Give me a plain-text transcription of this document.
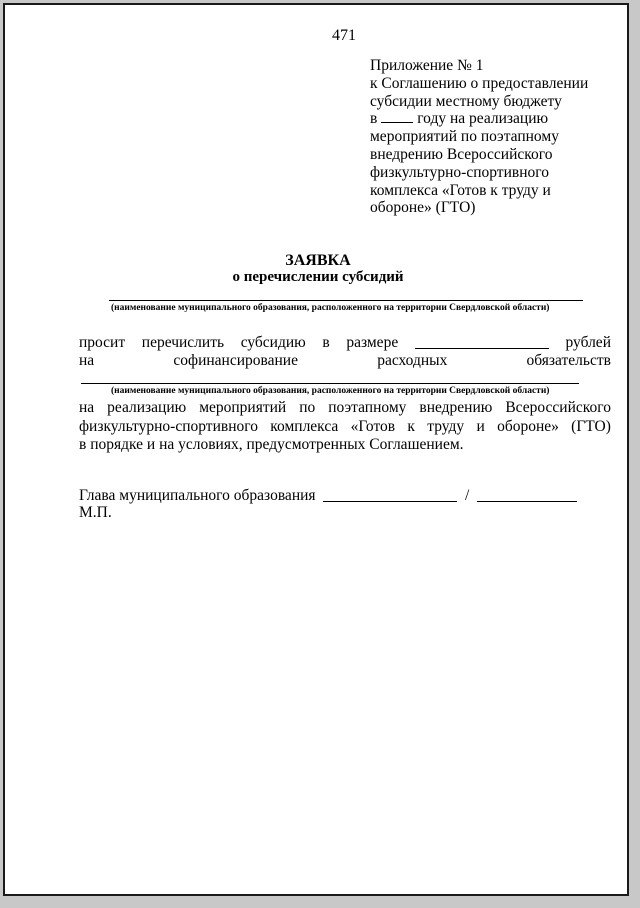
471
Приложение № 1
к Соглашению о предоставлении
субсидии местному бюджету
в	году на реализацию
мероприятий по поэтапному
внедрению Всероссийского
физкультурно-спортивного
комплекса «Готов к труду и
обороне» (ГТО)
ЗАЯВКА
о перечислении субсидий
(наименование муниципального образования, расположенного на территории Свердловской области)
просит перечислить субсидию в размере	рублей
на	софинансирование	расходных	обязательств
(наименование муниципального образования, расположенного на территории Свердловской области)
на реализацию мероприятий по поэтапному внедрению Всероссийского
физкультурно-спортивного комплекса «Готов к труду и обороне» (ГТО)
в порядке и на условиях, предусмотренных Соглашением.
Глава муниципального образования	/
М.П.
